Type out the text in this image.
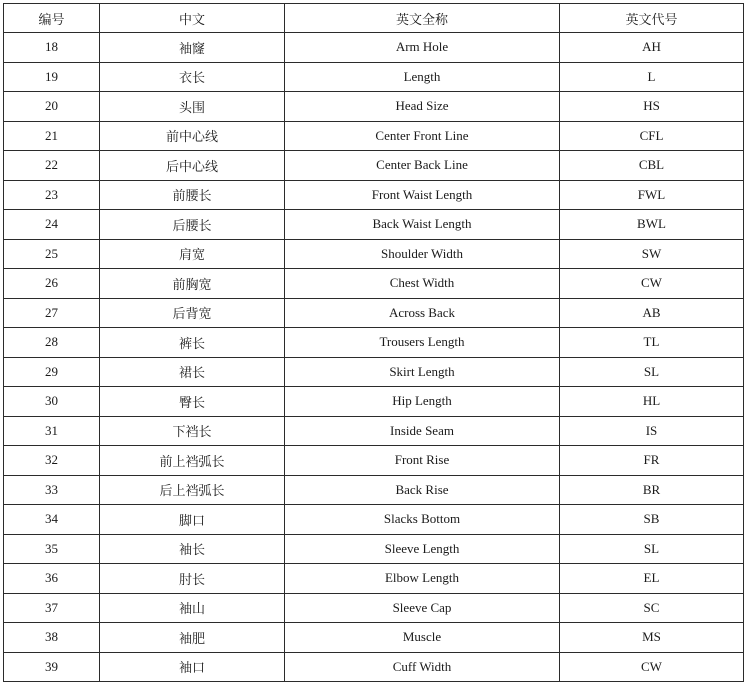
编号	中文	英文全称	英文代号
18	袖窿	Arm Hole	AH
19	衣长	Length	L
20	头围	Head Size	HS
21	前中心线	Center Front Line	CFL
22	后中心线	Center Back Line	CBL
23	前腰长	Front Waist Length	FWL
24	后腰长	Back Waist Length	BWL
25	肩宽	Shoulder Width	SW
26	前胸宽	Chest Width	CW
27	后背宽	Across Back	AB
28	裤长	Trousers Length	TL
29	裙长	Skirt Length	SL
30	臀长	Hip Length	HL
31	下裆长	Inside Seam	IS
32	前上裆弧长	Front Rise	FR
33	后上裆弧长	Back Rise	BR
34	脚口	Slacks Bottom	SB
35	袖长	Sleeve Length	SL
36	肘长	Elbow Length	EL
37	袖山	Sleeve Cap	SC
38	袖肥	Muscle	MS
39	袖口	Cuff Width	CW
